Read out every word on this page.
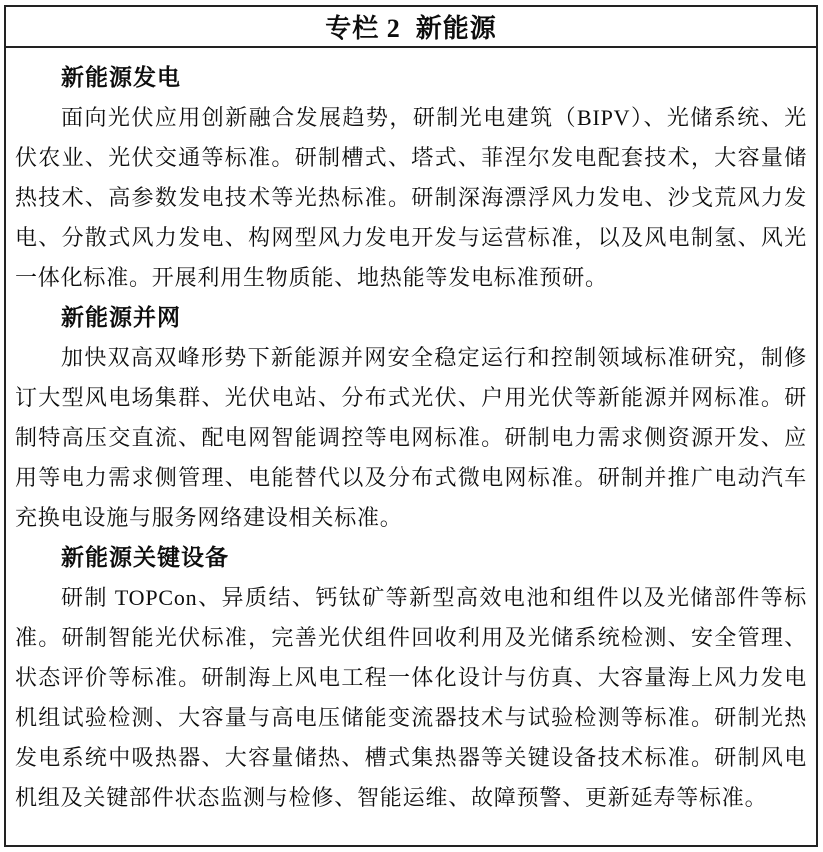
专栏 2  新能源
新能源发电

面向光伏应用创新融合发展趋势，研制光电建筑（BIPV）、光储系统、光伏农业、光伏交通等标准。研制槽式、塔式、菲涅尔发电配套技术，大容量储热技术、高参数发电技术等光热标准。研制深海漂浮风力发电、沙戈荒风力发电、分散式风力发电、构网型风力发电开发与运营标准，以及风电制氢、风光一体化标准。开展利用生物质能、地热能等发电标准预研。

新能源并网

加快双高双峰形势下新能源并网安全稳定运行和控制领域标准研究，制修订大型风电场集群、光伏电站、分布式光伏、户用光伏等新能源并网标准。研制特高压交直流、配电网智能调控等电网标准。研制电力需求侧资源开发、应用等电力需求侧管理、电能替代以及分布式微电网标准。研制并推广电动汽车充换电设施与服务网络建设相关标准。

新能源关键设备

研制 TOPCon、异质结、钙钛矿等新型高效电池和组件以及光储部件等标准。研制智能光伏标准，完善光伏组件回收利用及光储系统检测、安全管理、状态评价等标准。研制海上风电工程一体化设计与仿真、大容量海上风力发电机组试验检测、大容量与高电压储能变流器技术与试验检测等标准。研制光热发电系统中吸热器、大容量储热、槽式集热器等关键设备技术标准。研制风电机组及关键部件状态监测与检修、智能运维、故障预警、更新延寿等标准。
